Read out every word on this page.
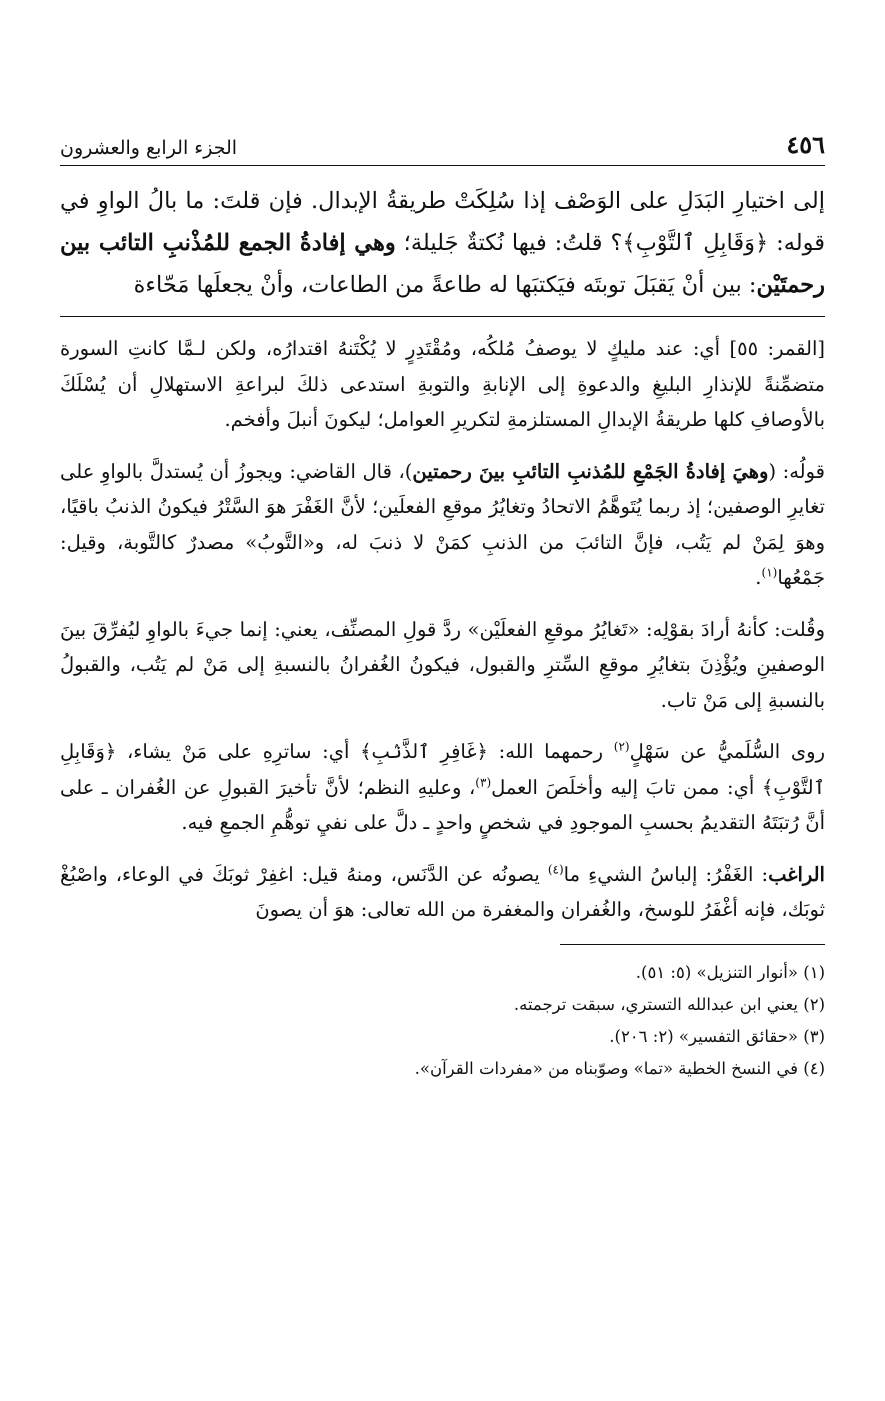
٤٥٦
الجزء الرابع والعشرون
إلى اختيارِ البَدَلِ على الوَصْف إذا سُلِكَتْ طريقةُ الإبدال. فإن قلتَ: ما بالُ الواوِ في قوله: ﴿وَقَابِلِ ٱلتَّوْبِ﴾؟ قلتُ: فيها نُكتةٌ جَليلة؛ وهي إفادةُ الجمع للمُذْنبِ التائب بين رحمتَيْن: بين أنْ يَقبَلَ توبتَه فيَكتبَها له طاعةً من الطاعات، وأنْ يجعلَها مَحّاءة

[القمر: ٥٥] أي: عند مليكٍ لا يوصفُ مُلكُه، ومُقْتَدِرٍ لا يُكْتَنهُ اقتدارُه، ولكن لـمَّا كانتِ السورة متضمِّنةً للإنذارِ البليغِ والدعوةِ إلى الإنابةِ والتوبةِ استدعى ذلكَ لبراعةِ الاستهلالِ أن يُسْلَكَ بالأوصافِ كلها طريقةُ الإبدالِ المستلزمةِ لتكريرِ العوامل؛ ليكونَ أنبلَ وأفخم.

قولُه: (وهيَ إفادةُ الجَمْعِ للمُذنبِ التائبِ بينَ رحمتين)، قال القاضي: ويجوزُ أن يُستدلَّ بالواوِ على تغايرِ الوصفين؛ إذ ربما يُتَوهَّمُ الاتحادُ وتغايُرُ موقعِ الفعلَين؛ لأنَّ الغَفْرَ هوَ السَّتْرُ فيكونُ الذنبُ باقيًا، وهوَ لِمَنْ لم يَتُب، فإنَّ التائبَ من الذنبِ كمَنْ لا ذنبَ له، و«التَّوبُ» مصدرٌ كالتَّوبة، وقيل: جَمْعُها$^{(١)}$.

وقُلت: كأنهُ أرادَ بقوْلِه: «تَغايُرُ موقعِ الفعلَيْن» ردَّ قولِ المصنِّف، يعني: إنما جيءَ بالواوِ ليُفرِّقَ بينَ الوصفينِ ويُؤْذِنَ بتغايُرِ موقعِ السِّترِ والقبول، فيكونُ الغُفرانُ بالنسبةِ إلى مَنْ لم يَتُب، والقبولُ بالنسبةِ إلى مَنْ تاب.

روى السُّلَميُّ عن سَهْلٍ$^{(٢)}$ رحمهما الله: ﴿غَافِرِ ٱلذَّنۢبِ﴾ أي: ساترِهِ على مَنْ يشاء، ﴿وَقَابِلِ ٱلتَّوْبِ﴾ أي: ممن تابَ إليه وأخلَصَ العمل$^{(٣)}$، وعليهِ النظم؛ لأنَّ تأخيرَ القبولِ عن الغُفران ـ على أنَّ رُتبَتَهُ التقديمُ بحسبِ الموجودِ في شخصٍ واحدٍ ـ دلَّ على نفيِ توهُّمِ الجمعِ فيه.

الراغب: الغَفْرُ: إلباسُ الشيءِ ما$^{(٤)}$ يصونُه عن الدَّنَس، ومنهُ قيل: اغفِرْ ثوبَكَ في الوعاء، واصْبُغْ ثوبَك، فإنه أغْفَرُ للوسخ، والغُفران والمغفرة من الله تعالى: هوَ أن يصونَ

(١) «أنوار التنزيل» (٥: ٥١).
(٢) يعني ابن عبدالله التستري، سبقت ترجمته.
(٣) «حقائق التفسير» (٢: ٢٠٦).
(٤) في النسخ الخطية «تما» وصوّبناه من «مفردات القرآن».
